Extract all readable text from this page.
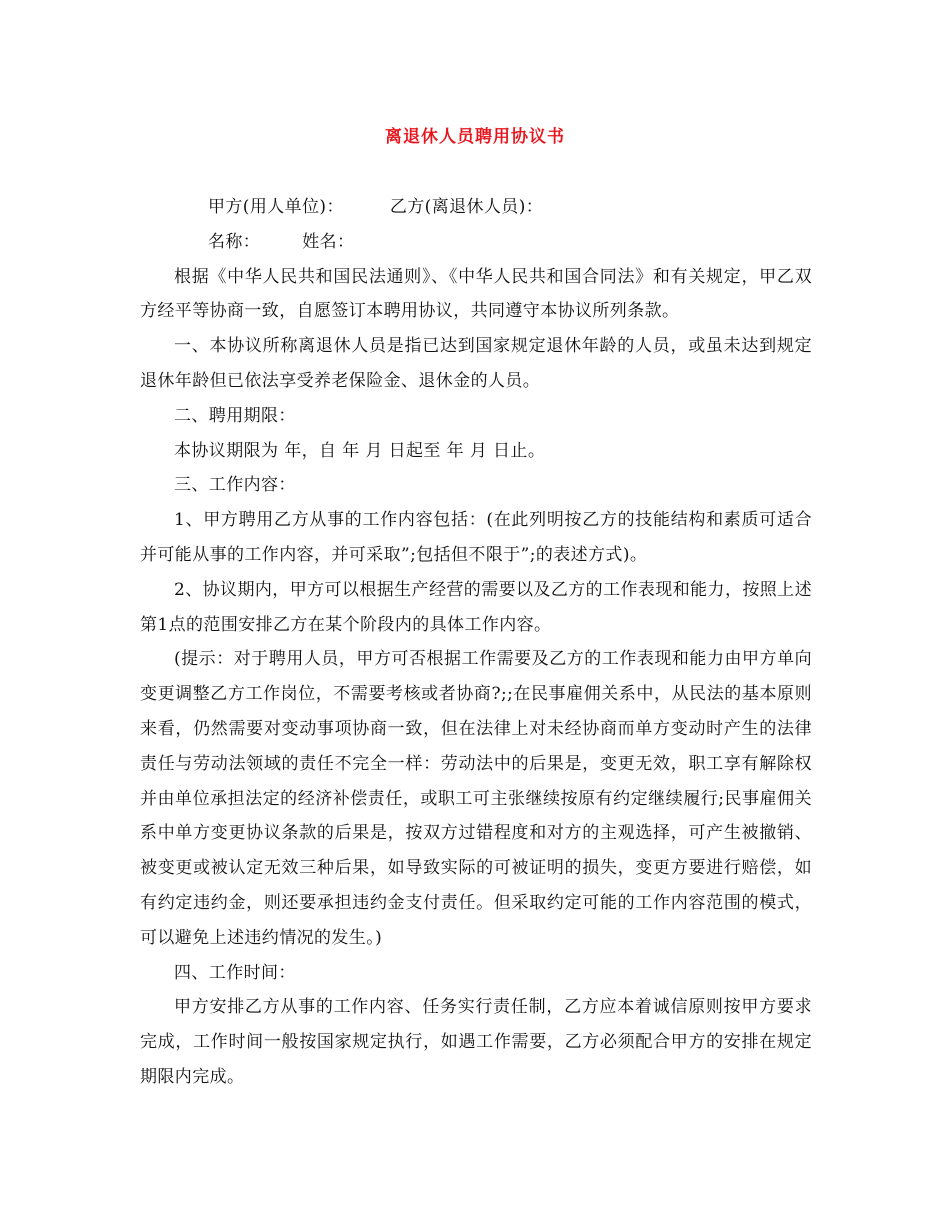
离退休人员聘用协议书

甲方(用人单位)：	乙方(离退休人员)：

名称： 姓名：

根据《中华人民共和国民法通则》、《中华人民共和国合同法》和有关规定，甲乙双方经平等协商一致，自愿签订本聘用协议，共同遵守本协议所列条款。

一、本协议所称离退休人员是指已达到国家规定退休年龄的人员，或虽未达到规定退休年龄但已依法享受养老保险金、退休金的人员。

二、聘用期限：

本协议期限为 年，自 年 月 日起至 年 月 日止。

三、工作内容：

1、甲方聘用乙方从事的工作内容包括：(在此列明按乙方的技能结构和素质可适合并可能从事的工作内容，并可采取”;包括但不限于”;的表述方式)。

2、协议期内，甲方可以根据生产经营的需要以及乙方的工作表现和能力，按照上述第1点的范围安排乙方在某个阶段内的具体工作内容。

(提示：对于聘用人员，甲方可否根据工作需要及乙方的工作表现和能力由甲方单向变更调整乙方工作岗位，不需要考核或者协商?;;在民事雇佣关系中，从民法的基本原则来看，仍然需要对变动事项协商一致，但在法律上对未经协商而单方变动时产生的法律责任与劳动法领域的责任不完全一样：劳动法中的后果是，变更无效，职工享有解除权并由单位承担法定的经济补偿责任，或职工可主张继续按原有约定继续履行;民事雇佣关系中单方变更协议条款的后果是，按双方过错程度和对方的主观选择，可产生被撤销、被变更或被认定无效三种后果，如导致实际的可被证明的损失，变更方要进行赔偿，如有约定违约金，则还要承担违约金支付责任。但采取约定可能的工作内容范围的模式，可以避免上述违约情况的发生。)

四、工作时间：

甲方安排乙方从事的工作内容、任务实行责任制，乙方应本着诚信原则按甲方要求完成，工作时间一般按国家规定执行，如遇工作需要，乙方必须配合甲方的安排在规定期限内完成。
